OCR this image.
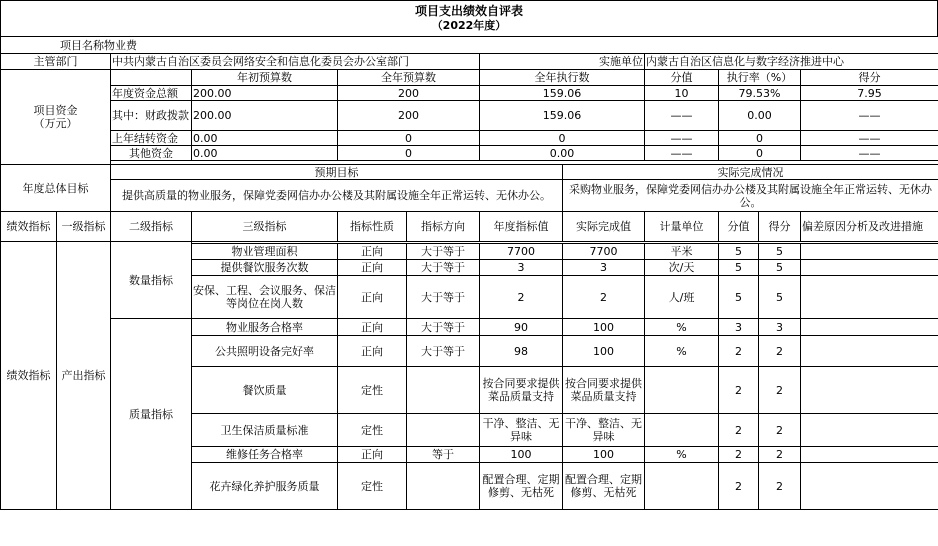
项目支出绩效自评表
（2022年度）
项目名称物业费											
主管部门		中共内蒙古自治区委员会网络安全和信息化委员会办公室部门				实施单位		内蒙古自治区信息化与数字经济推进中心			
项目资金
（万元）			年初预算数	全年预算数		全年执行数		分值	执行率（%）		得分
		年度资金总额	200.00	200		159.06		10	79.53%		7.95
		其中：财政拨款	200.00	200		159.06		——	0.00		——
		上年结转资金	0.00	0		0		——	0		——
		其他资金	0.00	0		0.00		——	0		——

年度总体目标		预期目标					实际完成情况				
		提供高质量的物业服务，保障党委网信办办公楼及其附属设施全年正常运转、无休办公。					采购物业服务，保障党委网信办办公楼及其附属设施全年正常运转、无休办公。				
绩效指标	一级指标	二级指标	三级指标	指标性质	指标方向	年度指标值	实际完成值	计量单位	分值	得分	偏差原因分析及改进措施
绩效指标	产出指标	数量指标									
			物业管理面积	正向	大于等于	7700	7700	平米	5	5	
			提供餐饮服务次数	正向	大于等于	3	3	次/天	5	5	
			安保、工程、会议服务、保洁等岗位在岗人数	正向	大于等于	2	2	人/班	5	5	
		质量指标	物业服务合格率	正向	大于等于	90	100	%	3	3	
			公共照明设备完好率	正向	大于等于	98	100	%	2	2	
			餐饮质量	定性		按合同要求提供菜品质量支持	按合同要求提供菜品质量支持		2	2	
			卫生保洁质量标准	定性		干净、整洁、无异味	干净、整洁、无异味		2	2	
			维修任务合格率	正向	等于	100	100	%	2	2	
			花卉绿化养护服务质量	定性		配置合理、定期修剪、无枯死	配置合理、定期修剪、无枯死		2	2	
